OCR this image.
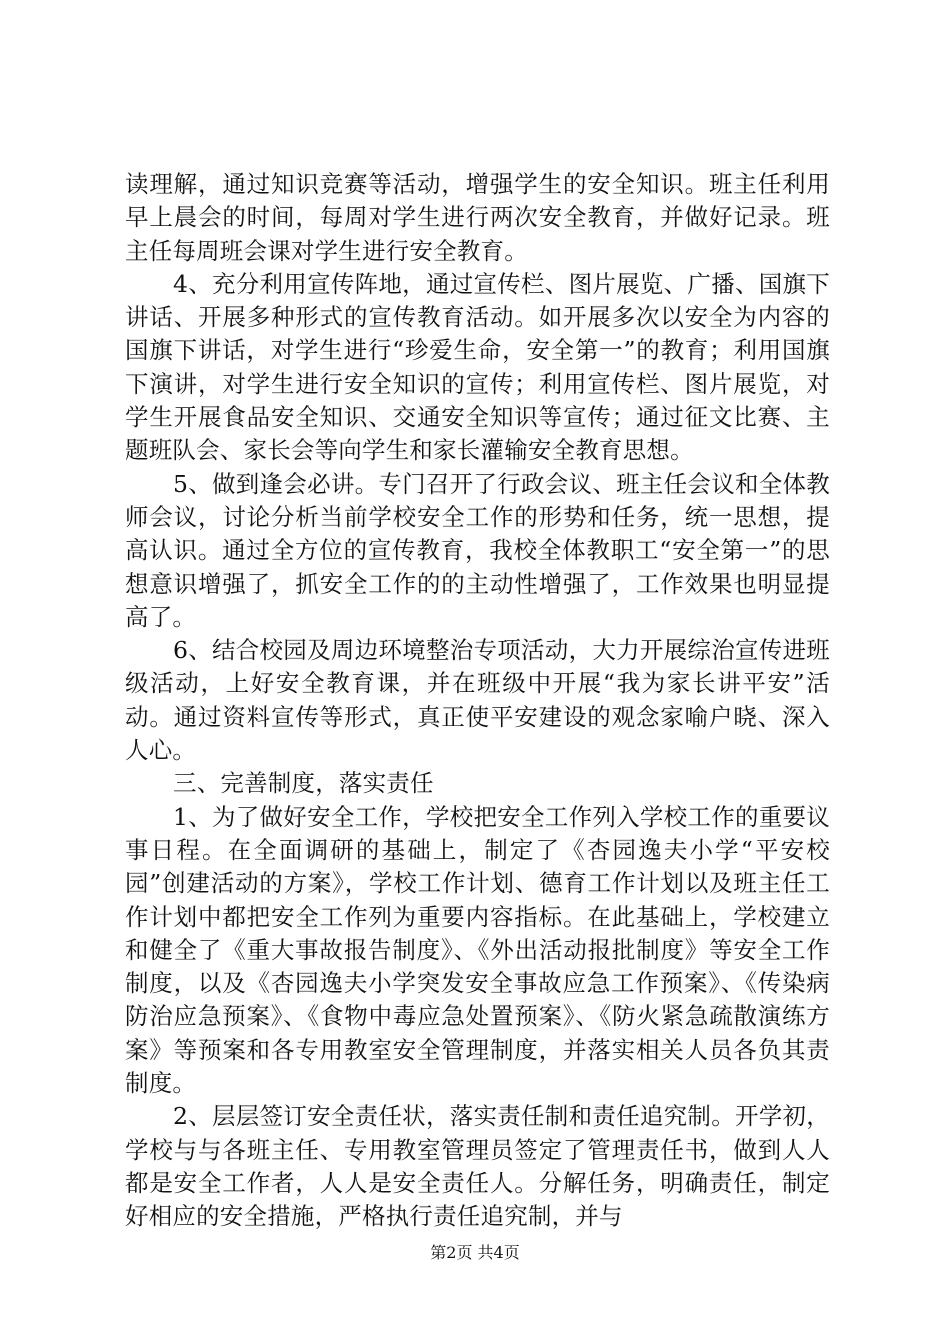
读理解，通过知识竞赛等活动，增强学生的安全知识。班主任利用早上晨会的时间，每周对学生进行两次安全教育，并做好记录。班主任每周班会课对学生进行安全教育。

4、充分利用宣传阵地，通过宣传栏、图片展览、广播、国旗下讲话、开展多种形式的宣传教育活动。如开展多次以安全为内容的国旗下讲话，对学生进行“珍爱生命，安全第一”的教育；利用国旗下演讲，对学生进行安全知识的宣传；利用宣传栏、图片展览，对学生开展食品安全知识、交通安全知识等宣传；通过征文比赛、主题班队会、家长会等向学生和家长灌输安全教育思想。

5、做到逢会必讲。专门召开了行政会议、班主任会议和全体教师会议，讨论分析当前学校安全工作的形势和任务，统一思想，提高认识。通过全方位的宣传教育，我校全体教职工“安全第一”的思想意识增强了，抓安全工作的的主动性增强了，工作效果也明显提高了。

6、结合校园及周边环境整治专项活动，大力开展综治宣传进班级活动，上好安全教育课，并在班级中开展“我为家长讲平安”活动。通过资料宣传等形式，真正使平安建设的观念家喻户晓、深入人心。

三、完善制度，落实责任

1、为了做好安全工作，学校把安全工作列入学校工作的重要议事日程。在全面调研的基础上，制定了《杏园逸夫小学“平安校园”创建活动的方案》，学校工作计划、德育工作计划以及班主任工作计划中都把安全工作列为重要内容指标。在此基础上，学校建立和健全了《重大事故报告制度》、《外出活动报批制度》等安全工作制度，以及《杏园逸夫小学突发安全事故应急工作预案》、《传染病防治应急预案》、《食物中毒应急处置预案》、《防火紧急疏散演练方案》等预案和各专用教室安全管理制度，并落实相关人员各负其责制度。

2、层层签订安全责任状，落实责任制和责任追究制。开学初，学校与与各班主任、专用教室管理员签定了管理责任书，做到人人都是安全工作者，人人是安全责任人。分解任务，明确责任，制定好相应的安全措施，严格执行责任追究制，并与

第2页 共4页
